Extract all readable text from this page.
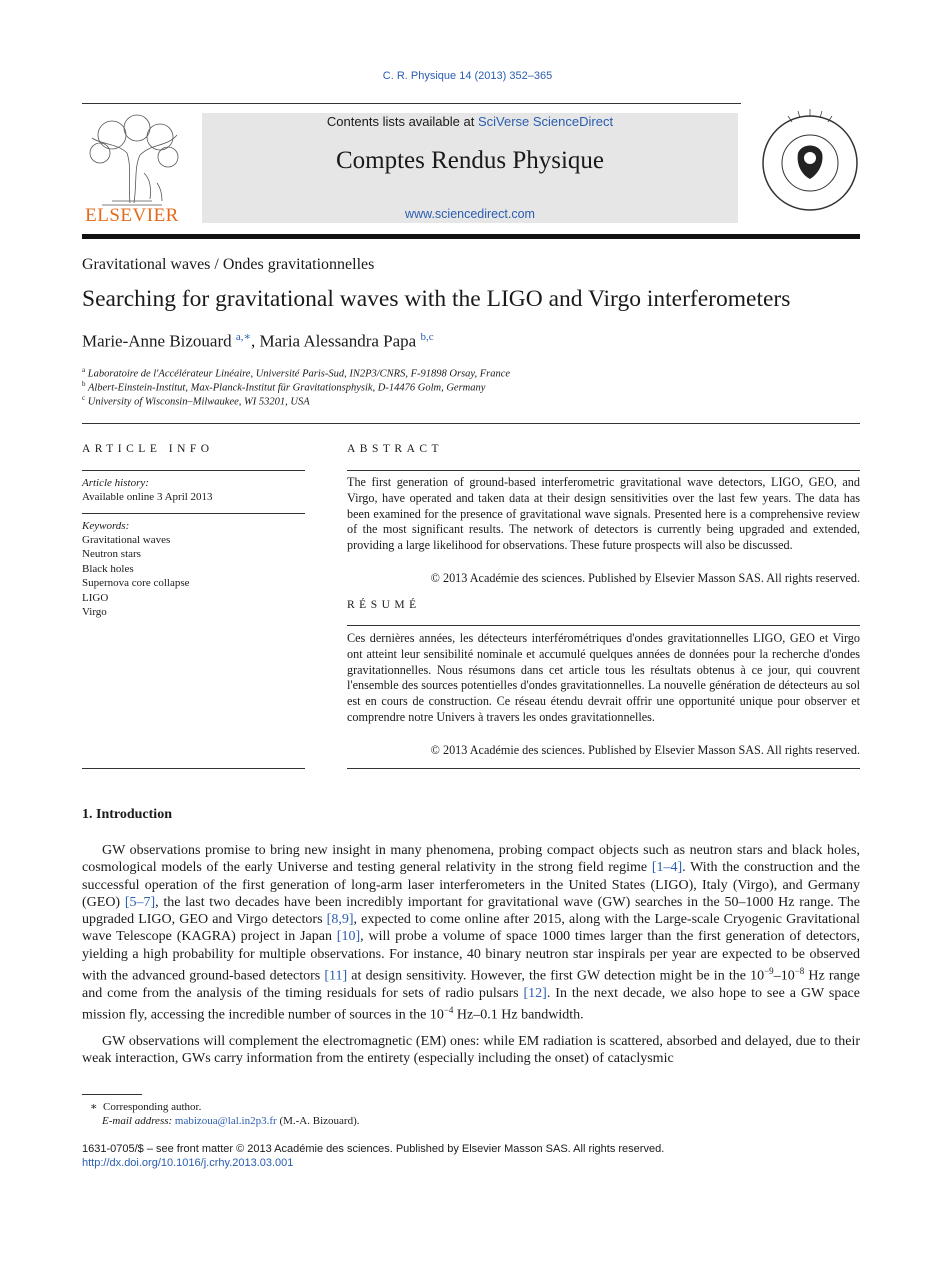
C. R. Physique 14 (2013) 352–365
ELSEVIER
Contents lists available at SciVerse ScienceDirect
Comptes Rendus Physique
www.sciencedirect.com
Gravitational waves / Ondes gravitationnelles
Searching for gravitational waves with the LIGO and Virgo interferometers
Marie-Anne Bizouard $^{a,∗}$, Maria Alessandra Papa $^{b,c}$
$^a$ Laboratoire de l'Accélérateur Linéaire, Université Paris-Sud, IN2P3/CNRS, F-91898 Orsay, France
$^b$ Albert-Einstein-Institut, Max-Planck-Institut für Gravitationsphysik, D-14476 Golm, Germany
$^c$ University of Wisconsin–Milwaukee, WI 53201, USA
ARTICLE INFO
Article history:
Available online 3 April 2013
Keywords:
Gravitational waves
Neutron stars
Black holes
Supernova core collapse
LIGO
Virgo
ABSTRACT
The first generation of ground-based interferometric gravitational wave detectors, LIGO, GEO, and Virgo, have operated and taken data at their design sensitivities over the last few years. The data has been examined for the presence of gravitational wave signals. Presented here is a comprehensive review of the most significant results. The network of detectors is currently being upgraded and extended, providing a large likelihood for observations. These future prospects will also be discussed.
© 2013 Académie des sciences. Published by Elsevier Masson SAS. All rights reserved.
RÉSUMÉ
Ces dernières années, les détecteurs interférométriques d'ondes gravitationnelles LIGO, GEO et Virgo ont atteint leur sensibilité nominale et accumulé quelques années de données pour la recherche d'ondes gravitationnelles. Nous résumons dans cet article tous les résultats obtenus à ce jour, qui couvrent l'ensemble des sources potentielles d'ondes gravitationnelles. La nouvelle génération de détecteurs au sol est en cours de construction. Ce réseau étendu devrait offrir une opportunité unique pour observer et comprendre notre Univers à travers les ondes gravitationnelles.
© 2013 Académie des sciences. Published by Elsevier Masson SAS. All rights reserved.
1. Introduction
GW observations promise to bring new insight in many phenomena, probing compact objects such as neutron stars and black holes, cosmological models of the early Universe and testing general relativity in the strong field regime [1–4]. With the construction and the successful operation of the first generation of long-arm laser interferometers in the United States (LIGO), Italy (Virgo), and Germany (GEO) [5–7], the last two decades have been incredibly important for gravitational wave (GW) searches in the 50–1000 Hz range. The upgraded LIGO, GEO and Virgo detectors [8,9], expected to come online after 2015, along with the Large-scale Cryogenic Gravitational wave Telescope (KAGRA) project in Japan [10], will probe a volume of space 1000 times larger than the first generation of detectors, yielding a high probability for multiple observations. For instance, 40 binary neutron star inspirals per year are expected to be observed with the advanced ground-based detectors [11] at design sensitivity. However, the first GW detection might be in the $10^{-9}-10^{-8}$ Hz range and come from the analysis of the timing residuals for sets of radio pulsars [12]. In the next decade, we also hope to see a GW space mission fly, accessing the incredible number of sources in the $10^{-4}$ Hz–0.1 Hz bandwidth.
GW observations will complement the electromagnetic (EM) ones: while EM radiation is scattered, absorbed and delayed, due to their weak interaction, GWs carry information from the entirety (especially including the onset) of cataclysmic
∗ Corresponding author.
E-mail address: mabizoua@lal.in2p3.fr (M.-A. Bizouard).
1631-0705/$ – see front matter © 2013 Académie des sciences. Published by Elsevier Masson SAS. All rights reserved.
http://dx.doi.org/10.1016/j.crhy.2013.03.001
